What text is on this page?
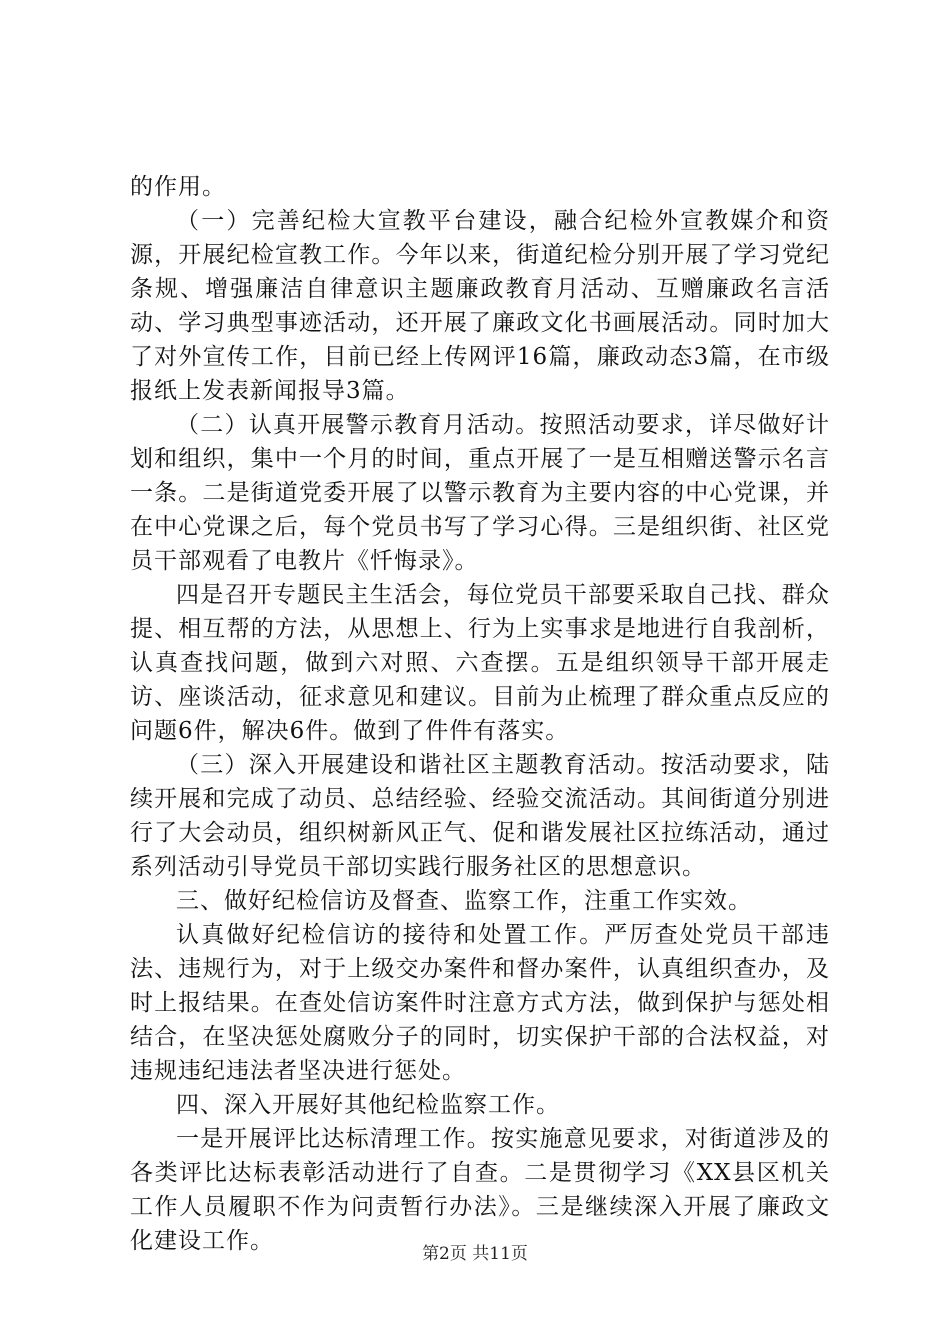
的作用。

（一）完善纪检大宣教平台建设，融合纪检外宣教媒介和资源，开展纪检宣教工作。今年以来，街道纪检分别开展了学习党纪条规、增强廉洁自律意识主题廉政教育月活动、互赠廉政名言活动、学习典型事迹活动，还开展了廉政文化书画展活动。同时加大了对外宣传工作，目前已经上传网评16篇，廉政动态3篇，在市级报纸上发表新闻报导3篇。

（二）认真开展警示教育月活动。按照活动要求，详尽做好计划和组织，集中一个月的时间，重点开展了一是互相赠送警示名言一条。二是街道党委开展了以警示教育为主要内容的中心党课，并在中心党课之后，每个党员书写了学习心得。三是组织街、社区党员干部观看了电教片《忏悔录》。

四是召开专题民主生活会，每位党员干部要采取自己找、群众提、相互帮的方法，从思想上、行为上实事求是地进行自我剖析，认真查找问题，做到六对照、六查摆。五是组织领导干部开展走访、座谈活动，征求意见和建议。目前为止梳理了群众重点反应的问题6件，解决6件。做到了件件有落实。

（三）深入开展建设和谐社区主题教育活动。按活动要求，陆续开展和完成了动员、总结经验、经验交流活动。其间街道分别进行了大会动员，组织树新风正气、促和谐发展社区拉练活动，通过系列活动引导党员干部切实践行服务社区的思想意识。

三、做好纪检信访及督查、监察工作，注重工作实效。

认真做好纪检信访的接待和处置工作。严厉查处党员干部违法、违规行为，对于上级交办案件和督办案件，认真组织查办，及时上报结果。在查处信访案件时注意方式方法，做到保护与惩处相结合，在坚决惩处腐败分子的同时，切实保护干部的合法权益，对违规违纪违法者坚决进行惩处。

四、深入开展好其他纪检监察工作。

一是开展评比达标清理工作。按实施意见要求，对街道涉及的各类评比达标表彰活动进行了自查。二是贯彻学习《XX县区机关工作人员履职不作为问责暂行办法》。三是继续深入开展了廉政文化建设工作。	第2页 共11页
